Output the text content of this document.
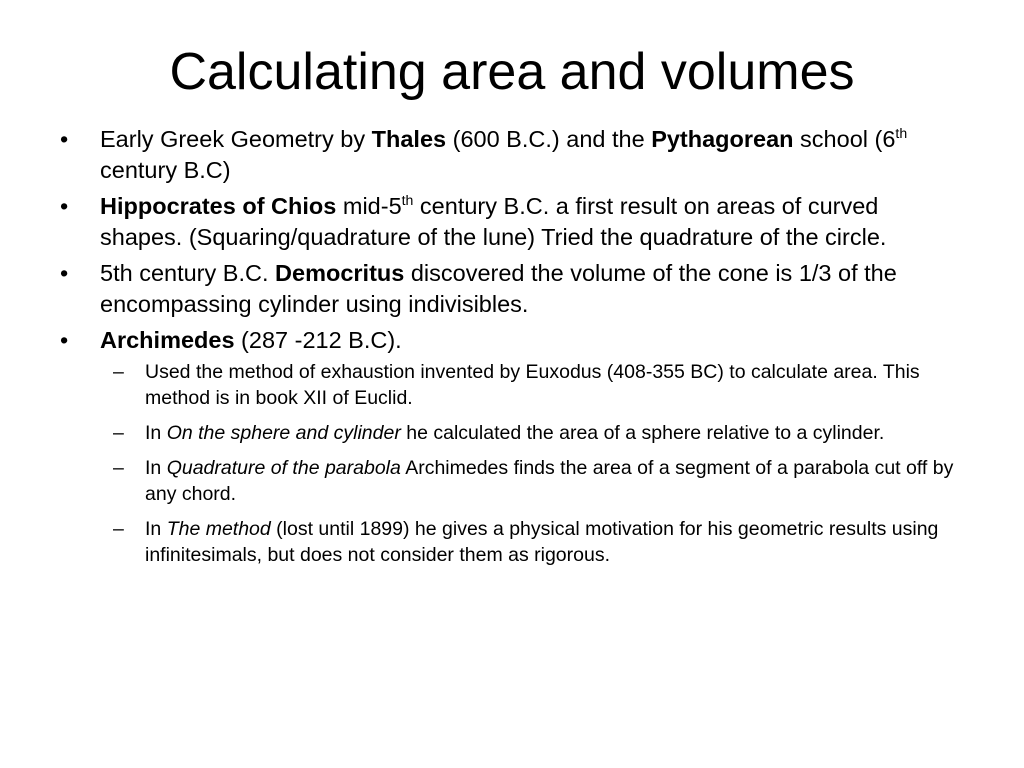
Calculating area and volumes
• Early Greek Geometry by Thales (600 B.C.) and the Pythagorean school (6th century B.C)
• Hippocrates of Chios mid-5th century B.C. a first result on areas of curved shapes. (Squaring/quadrature of the lune) Tried the quadrature of the circle.
• 5th century B.C. Democritus discovered the volume of the cone is 1/3 of the encompassing cylinder using indivisibles.
• Archimedes (287 -212 B.C).
– Used the method of exhaustion invented by Euxodus (408-355 BC) to calculate area. This method is in book XII of Euclid.
– In On the sphere and cylinder he calculated the area of a sphere relative to a cylinder.
– In Quadrature of the parabola Archimedes finds the area of a segment of a parabola cut off by any chord.
– In The method (lost until 1899) he gives a physical motivation for his geometric results using infinitesimals, but does not consider them as rigorous.
